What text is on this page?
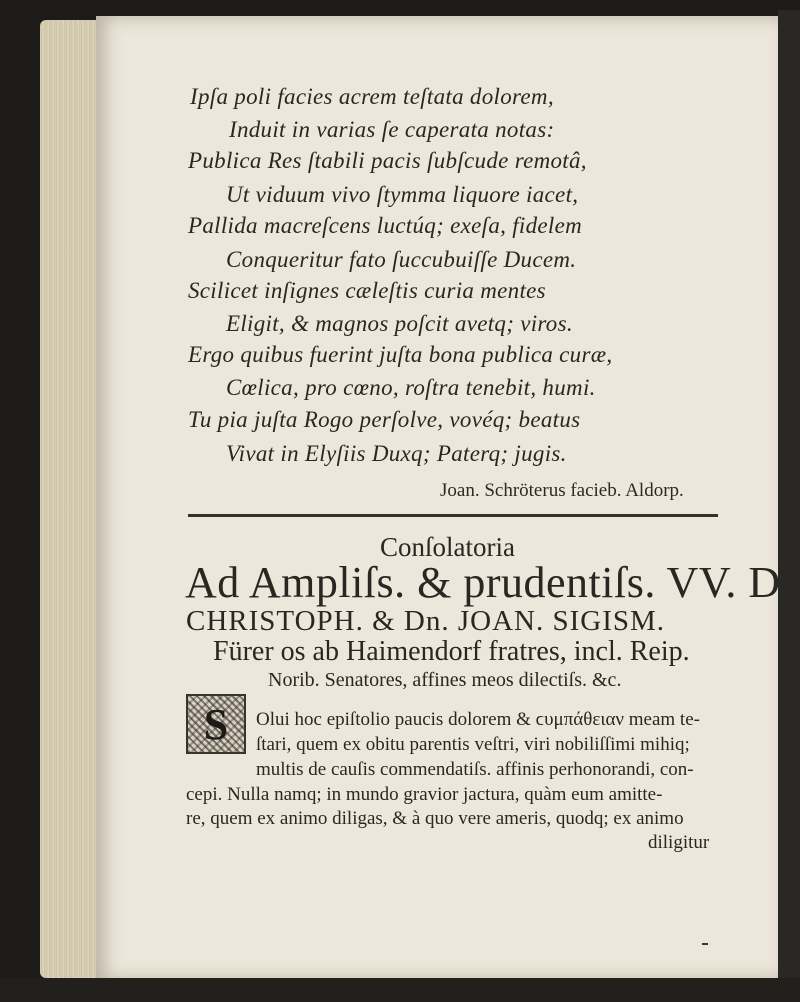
Ipſa poli facies acrem teſtata dolorem,
Induit in varias ſe caperata notas:
Publica Res ſtabili pacis ſubſcude remotâ,
Ut viduum vivo ſtymma liquore iacet,
Pallida macreſcens luctúq; exeſa, fidelem
Conqueritur fato ſuccubuiſſe Ducem.
Scilicet inſignes cæleſtis curia mentes
Eligit, & magnos poſcit avetq; viros.
Ergo quibus fuerint juſta bona publica curæ,
Cœlica, pro cœno, roſtra tenebit, humi.
Tu pia juſta Rogo perſolve, vovéq; beatus
Vivat in Elyſiis Duxq; Paterq; jugis.
Joan. Schröterus facieb. Aldorp.
Conſolatoria
Ad Ampliſs. & prudentiſs. VV. D.
CHRISTOPH. & Dn. JOAN. SIGISM.
Fürer os ab Haimendorf fratres, incl. Reip.
Norib. Senatores, affines meos dilectiſs. &c.
S	Olui hoc epiſtolio paucis dolorem & ϲυμπάθειαν meam te-
ſtari, quem ex obitu parentis veſtri, viri nobiliſſimi mihiq;
multis de cauſis commendatiſs. affinis perhonorandi, con-
cepi. Nulla namq; in mundo gravior jactura, quàm eum amitte-
re, quem ex animo diligas, & à quo vere ameris, quodq; ex animo
diligitur
